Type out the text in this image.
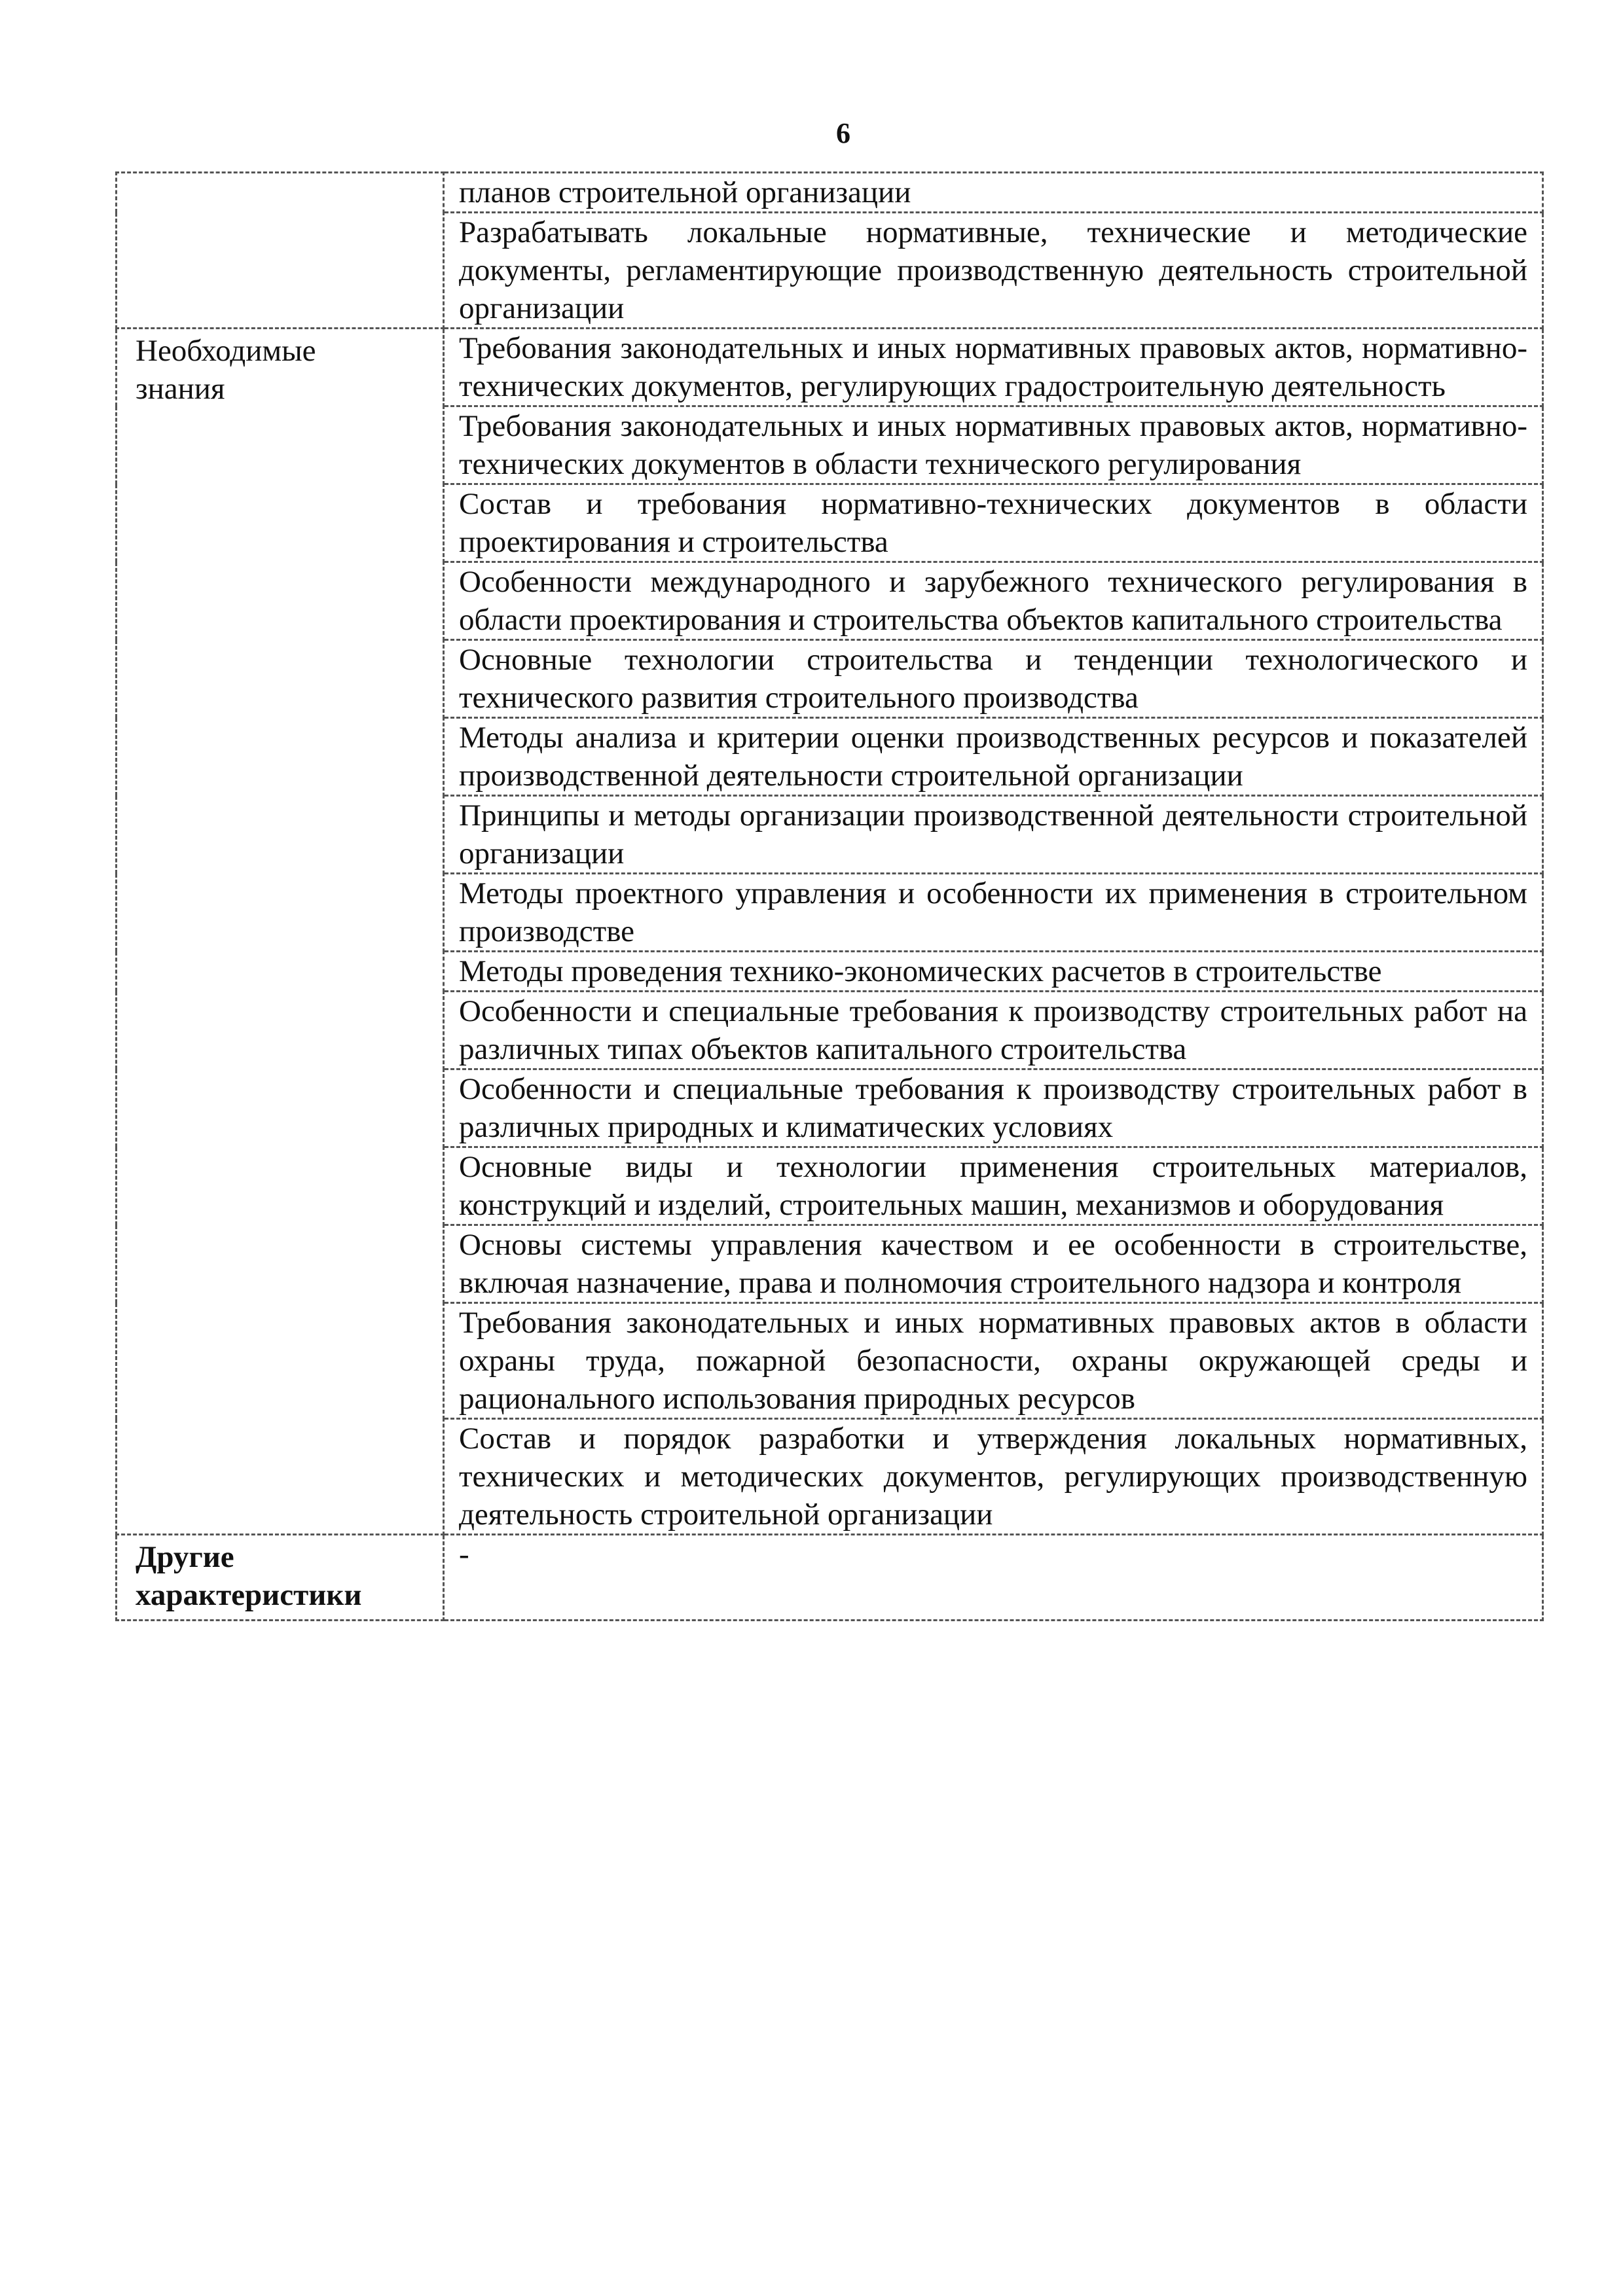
6

	планов строительной организации

	Разрабатывать локальные нормативные, технические и методические документы, регламентирующие производственную деятельность строительной организации

Необходимые
знания	Требования законодательных и иных нормативных правовых актов, нормативно-технических документов, регулирующих градостроительную деятельность

	Требования законодательных и иных нормативных правовых актов, нормативно-технических документов в области технического регулирования

	Состав и требования нормативно-технических документов в области проектирования и строительства

	Особенности международного и зарубежного технического регулирования в области проектирования и строительства объектов капитального строительства

	Основные технологии строительства и тенденции технологического и технического развития строительного производства

	Методы анализа и критерии оценки производственных ресурсов и показателей производственной деятельности строительной организации

	Принципы и методы организации производственной деятельности строительной организации

	Методы проектного управления и особенности их применения в строительном производстве

	Методы проведения технико-экономических расчетов в строительстве

	Особенности и специальные требования к производству строительных работ на различных типах объектов капитального строительства

	Особенности и специальные требования к производству строительных работ в различных природных и климатических условиях

	Основные виды и технологии применения строительных материалов, конструкций и изделий, строительных машин, механизмов и оборудования

	Основы системы управления качеством и ее особенности в строительстве, включая назначение, права и полномочия строительного надзора и контроля

	Требования законодательных и иных нормативных правовых актов в области охраны труда, пожарной безопасности, охраны окружающей среды и рационального использования природных ресурсов

	Состав и порядок разработки и утверждения локальных нормативных, технических и методических документов, регулирующих производственную деятельность строительной организации

Другие
характеристики	-
